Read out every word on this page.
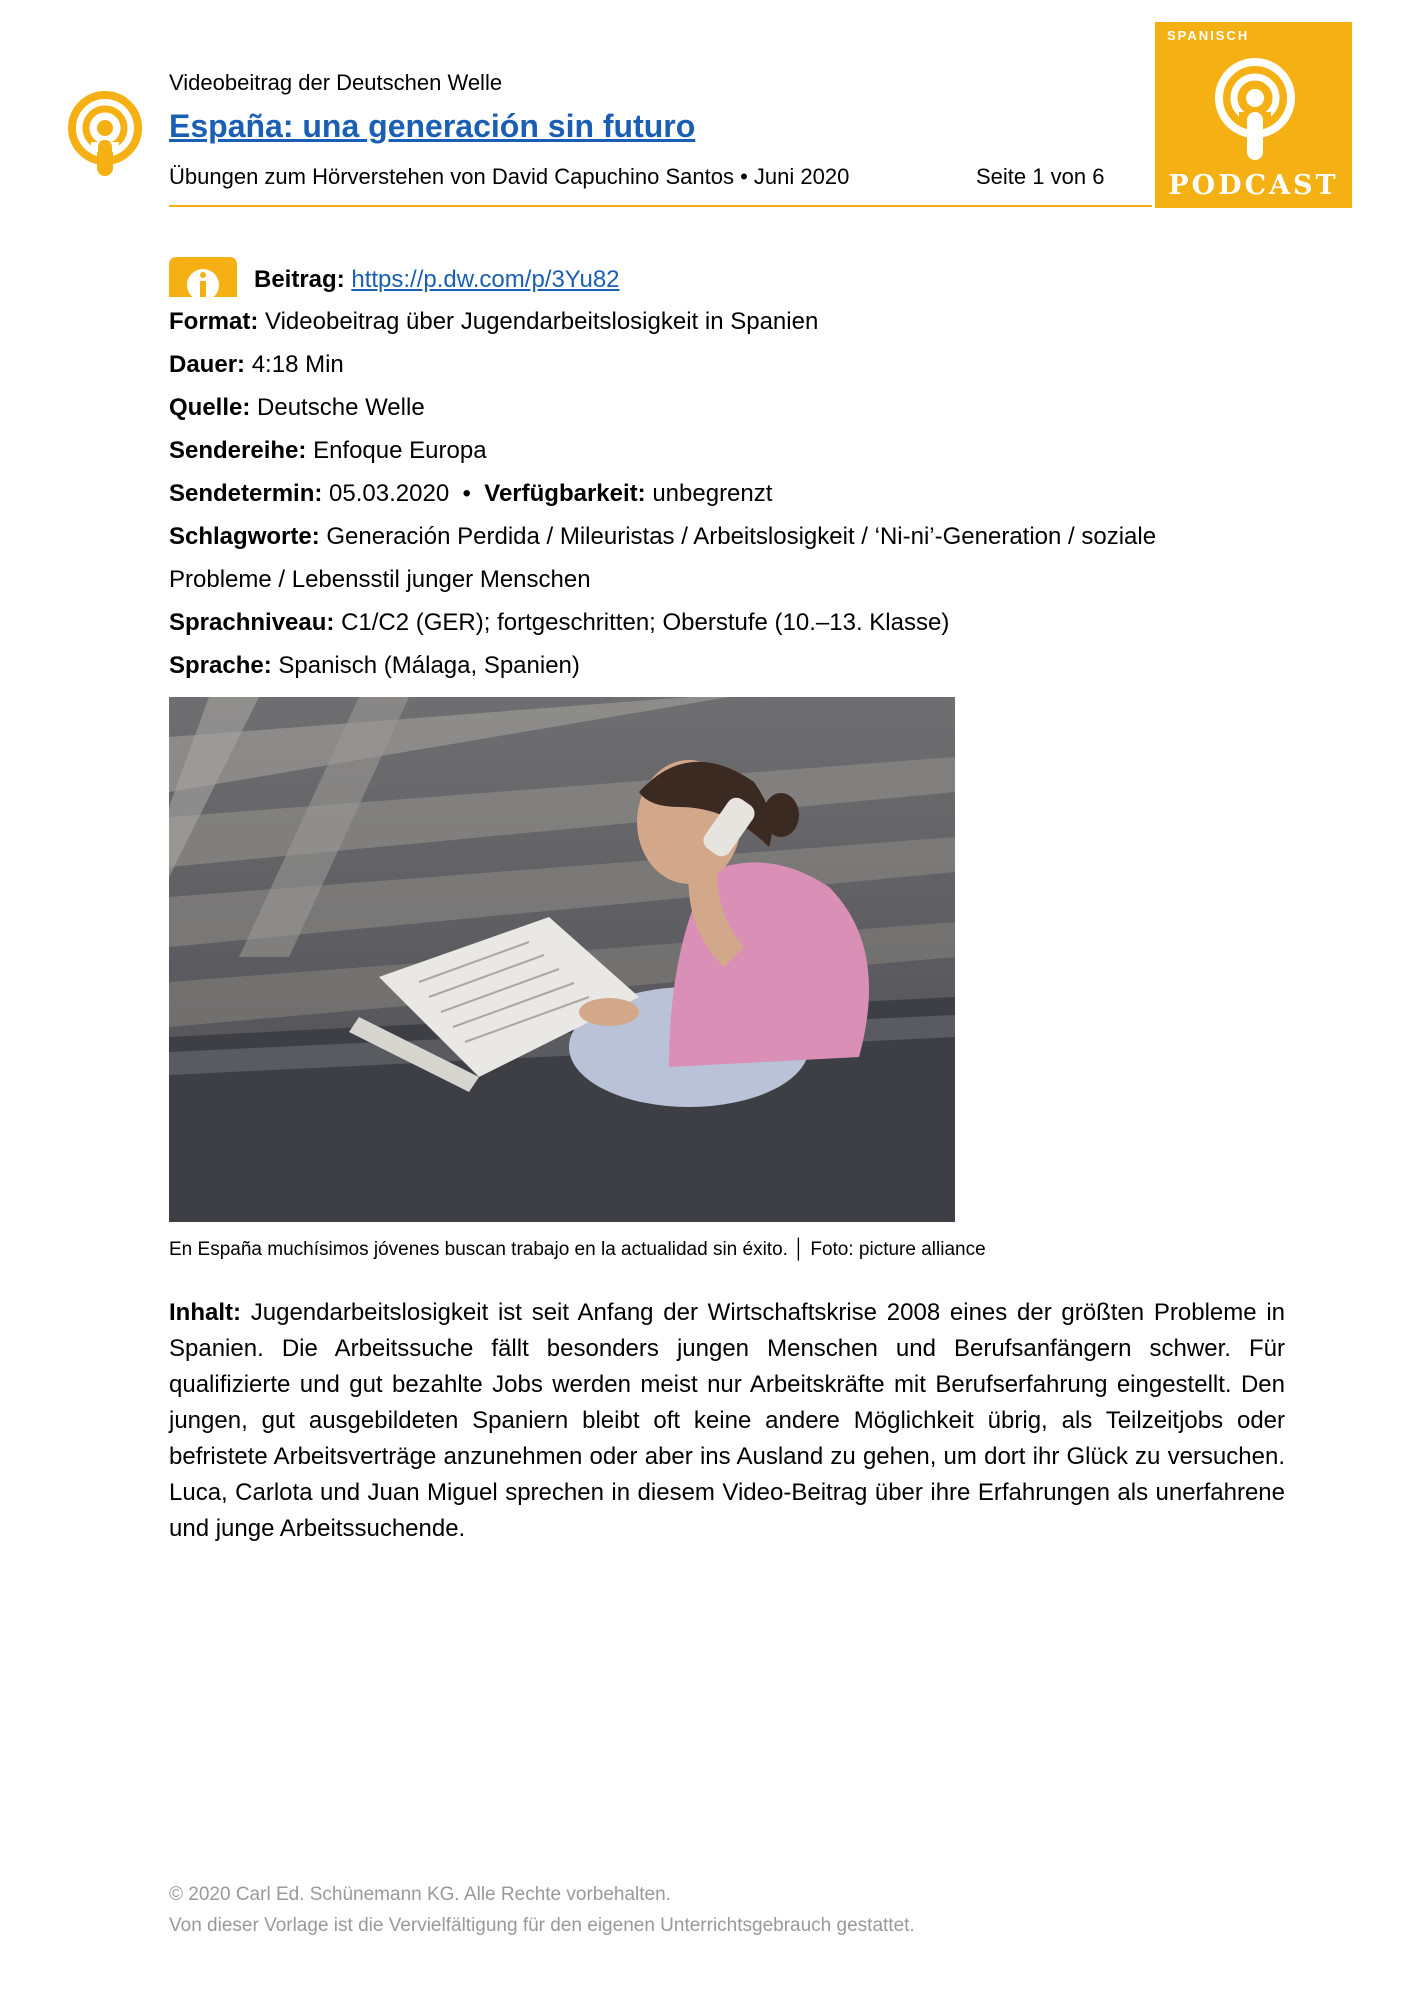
Videobeitrag der Deutschen Welle
España: una generación sin futuro
Übungen zum Hörverstehen von David Capuchino Santos • Juni 2020	Seite 1 von 6
SPANISCH
PODCAST
Beitrag: https://p.dw.com/p/3Yu82
Format: Videobeitrag über Jugendarbeitslosigkeit in Spanien
Dauer: 4:18 Min
Quelle: Deutsche Welle
Sendereihe: Enfoque Europa
Sendetermin: 05.03.2020 • Verfügbarkeit: unbegrenzt
Schlagworte: Generación Perdida / Mileuristas / Arbeitslosigkeit / ‘Ni-ni’-Generation / soziale
Probleme / Lebensstil junger Menschen
Sprachniveau: C1/C2 (GER); fortgeschritten; Oberstufe (10.–13. Klasse)
Sprache: Spanisch (Málaga, Spanien)
En España muchísimos jóvenes buscan trabajo en la actualidad sin éxito. │ Foto: picture alliance
Inhalt: Jugendarbeitslosigkeit ist seit Anfang der Wirtschaftskrise 2008 eines der größten Probleme in Spanien. Die Arbeitssuche fällt besonders jungen Menschen und Berufsanfängern schwer. Für qualifizierte und gut bezahlte Jobs werden meist nur Arbeitskräfte mit Berufserfahrung eingestellt. Den jungen, gut ausgebildeten Spaniern bleibt oft keine andere Möglichkeit übrig, als Teilzeitjobs oder befristete Arbeitsverträge anzunehmen oder aber ins Ausland zu gehen, um dort ihr Glück zu versuchen. Luca, Carlota und Juan Miguel sprechen in diesem Video-Beitrag über ihre Erfahrungen als unerfahrene und junge Arbeitssuchende.
© 2020 Carl Ed. Schünemann KG. Alle Rechte vorbehalten.
Von dieser Vorlage ist die Vervielfältigung für den eigenen Unterrichtsgebrauch gestattet.
